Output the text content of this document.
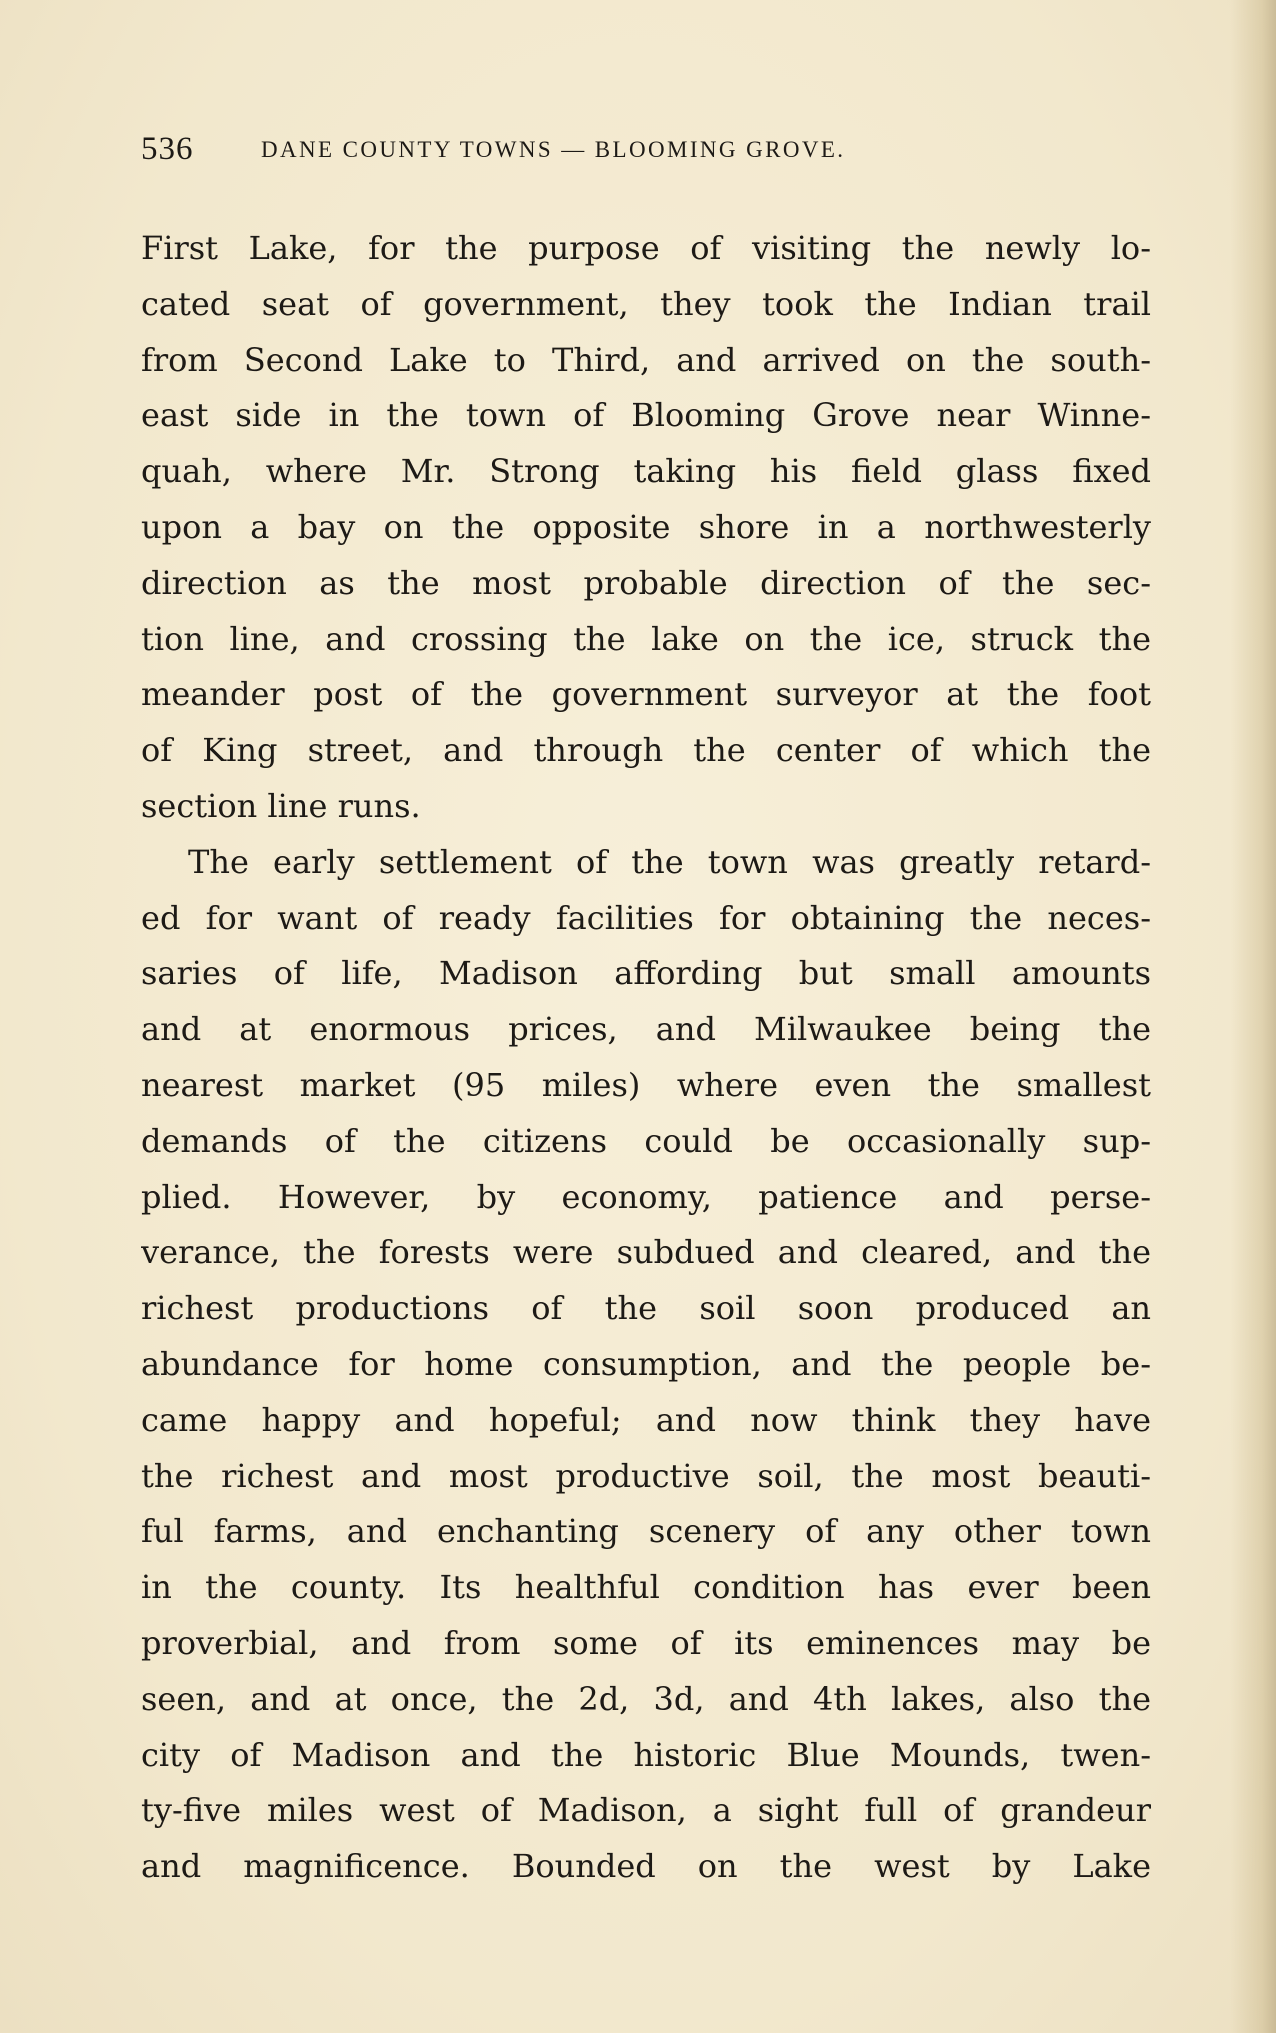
536	DANE COUNTY TOWNS — BLOOMING GROVE.
First Lake, for the purpose of visiting the newly lo-
cated seat of government, they took the Indian trail
from Second Lake to Third, and arrived on the south-
east side in the town of Blooming Grove near Winne-
quah, where Mr. Strong taking his field glass fixed
upon a bay on the opposite shore in a northwesterly
direction as the most probable direction of the sec-
tion line, and crossing the lake on the ice, struck the
meander post of the government surveyor at the foot
of King street, and through the center of which the
section line runs.
The early settlement of the town was greatly retard-
ed for want of ready facilities for obtaining the neces-
saries of life, Madison affording but small amounts
and at enormous prices, and Milwaukee being the
nearest market (95 miles) where even the smallest
demands of the citizens could be occasionally sup-
plied. However, by economy, patience and perse-
verance, the forests were subdued and cleared, and the
richest productions of the soil soon produced an
abundance for home consumption, and the people be-
came happy and hopeful; and now think they have
the richest and most productive soil, the most beauti-
ful farms, and enchanting scenery of any other town
in the county. Its healthful condition has ever been
proverbial, and from some of its eminences may be
seen, and at once, the 2d, 3d, and 4th lakes, also the
city of Madison and the historic Blue Mounds, twen-
ty-five miles west of Madison, a sight full of grandeur
and magnificence. Bounded on the west by Lake
